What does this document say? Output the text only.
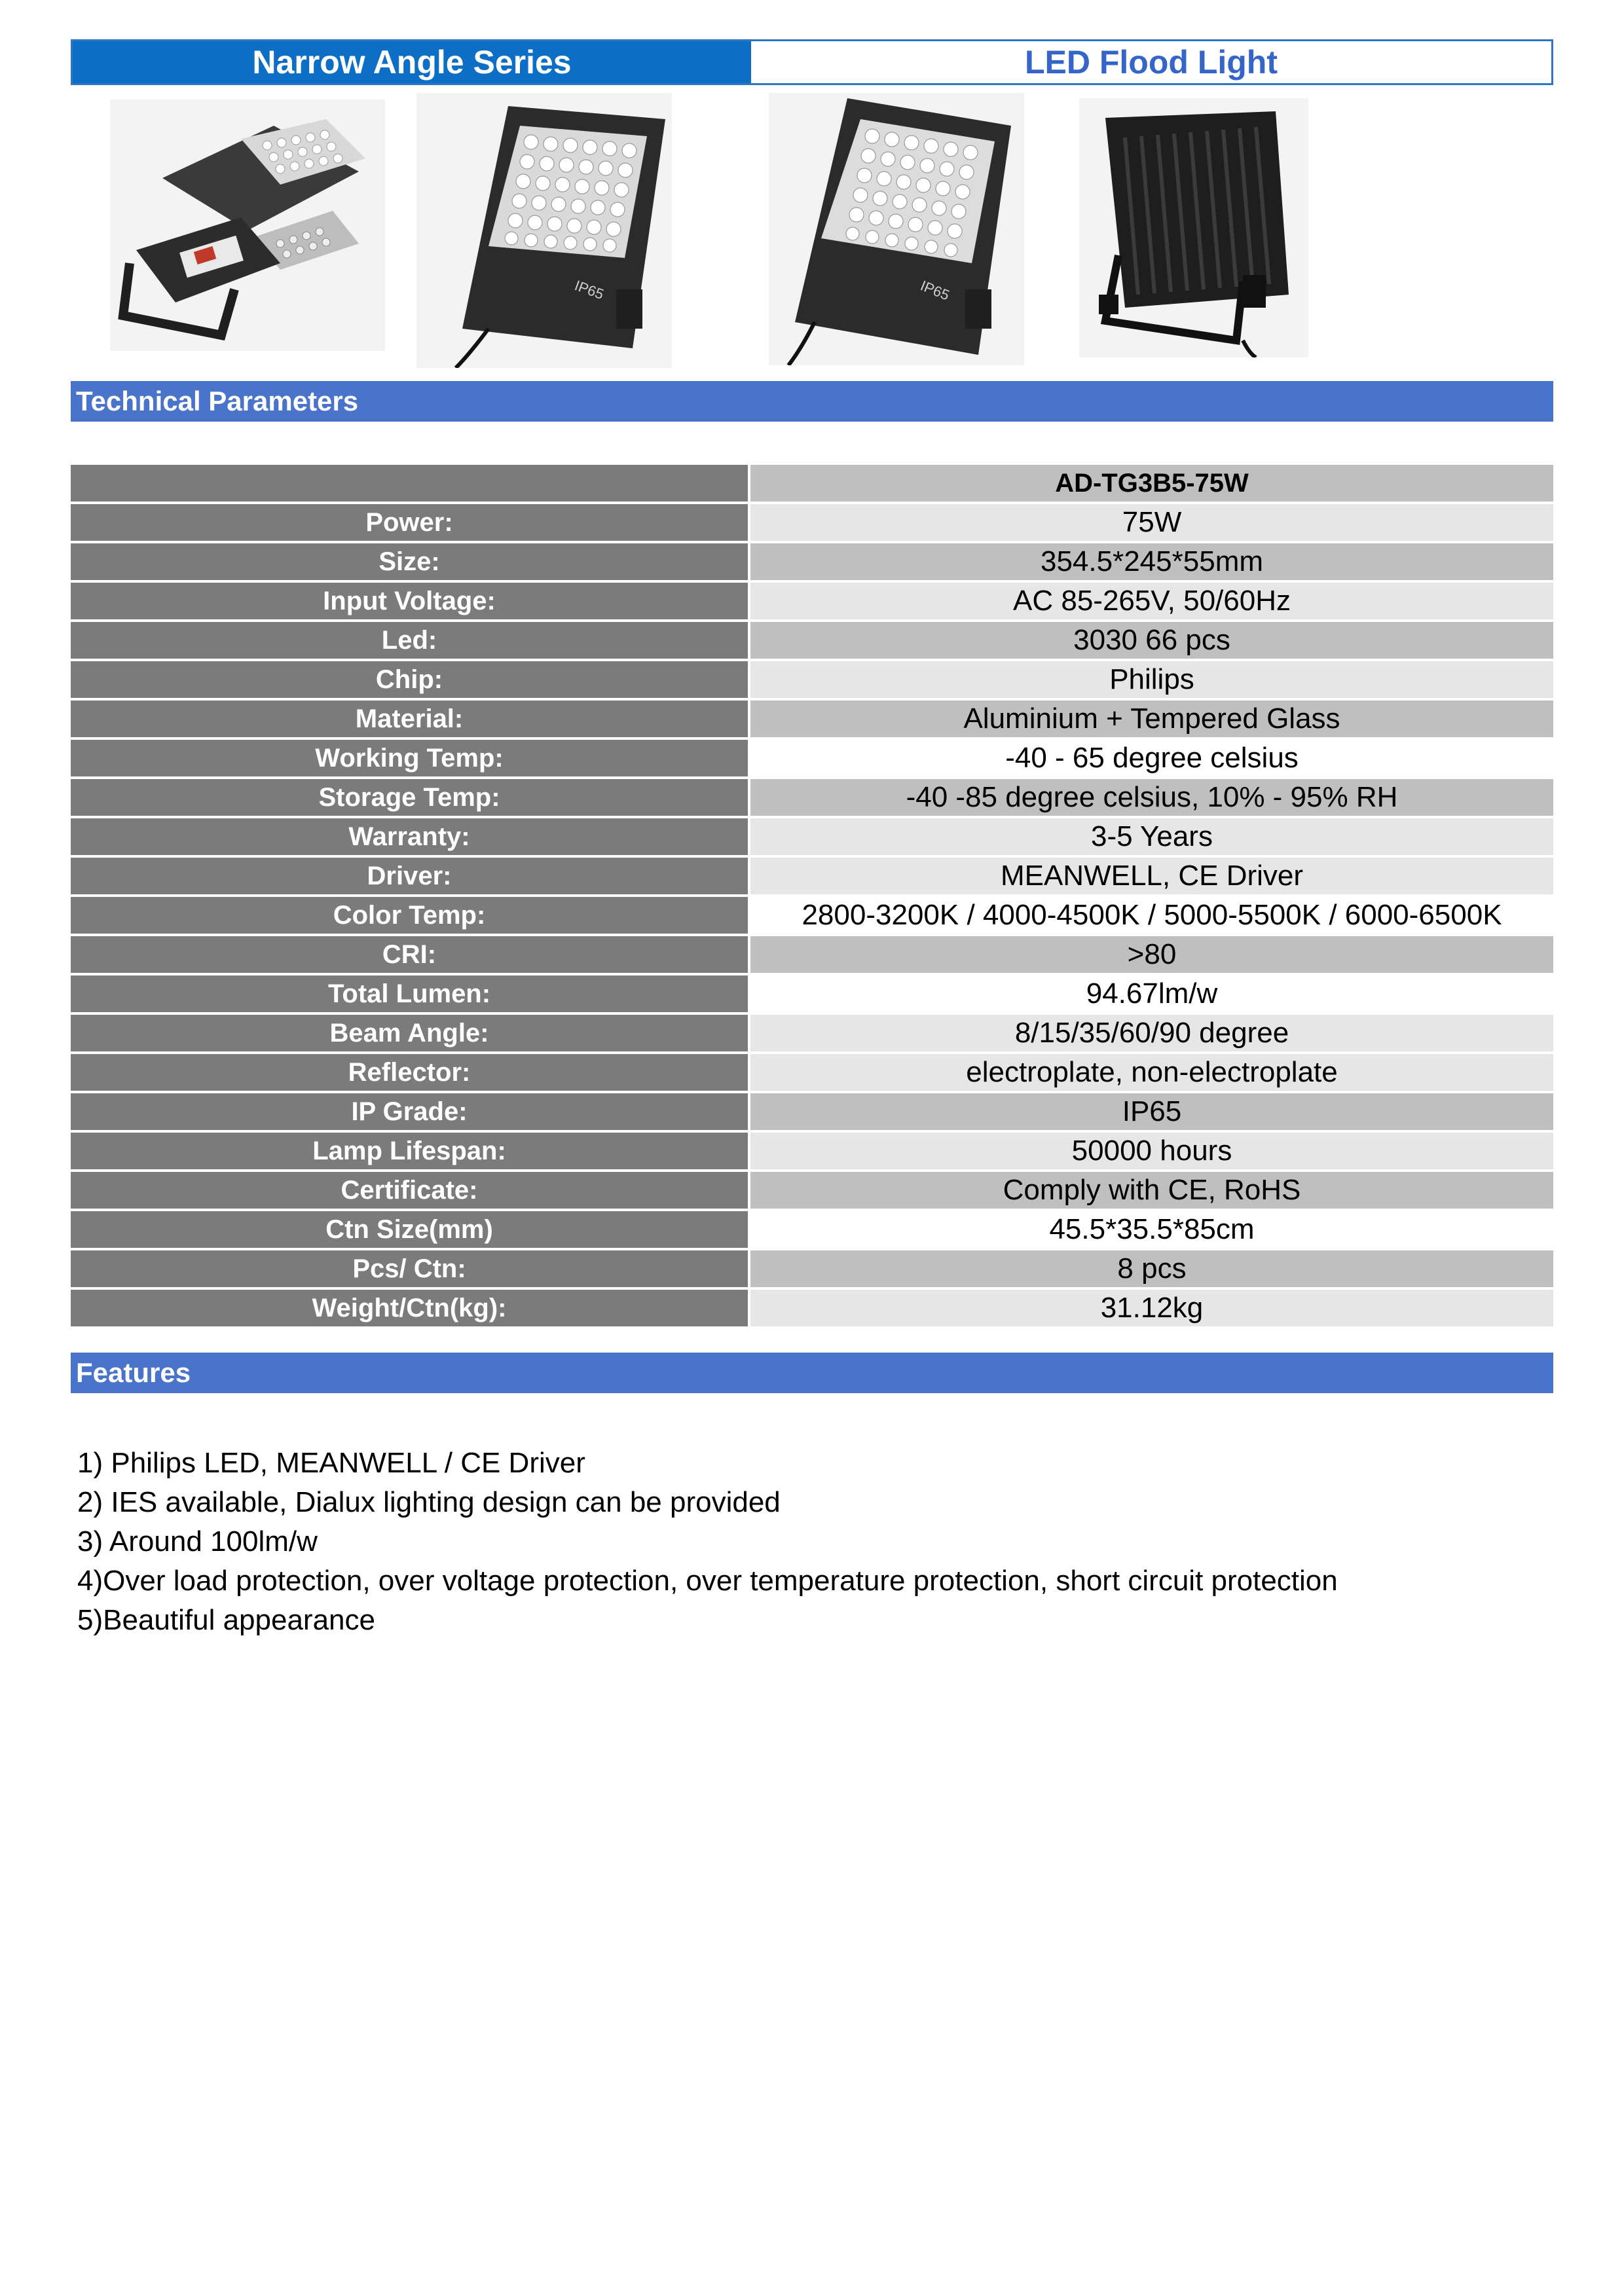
Narrow Angle Series	LED Flood Light
IP65	IP65
Technical Parameters
AD-TG3B5-75W
Power:	75W
Size:	354.5*245*55mm
Input Voltage:	AC 85-265V, 50/60Hz
Led:	3030 66 pcs
Chip:	Philips
Material:	Aluminium + Tempered Glass
Working Temp:	-40 - 65 degree celsius
Storage Temp:	-40 -85 degree celsius, 10% - 95% RH
Warranty:	3-5 Years
Driver:	MEANWELL, CE Driver
Color Temp:	2800-3200K / 4000-4500K / 5000-5500K / 6000-6500K
CRI:	>80
Total Lumen:	94.67lm/w
Beam Angle:	8/15/35/60/90 degree
Reflector:	electroplate, non-electroplate
IP Grade:	IP65
Lamp Lifespan:	50000 hours
Certificate:	Comply with CE, RoHS
Ctn Size(mm)	45.5*35.5*85cm
Pcs/ Ctn:	8 pcs
Weight/Ctn(kg):	31.12kg
Features
1) Philips LED, MEANWELL / CE Driver
2) IES available, Dialux lighting design can be provided
3) Around 100lm/w
4)Over load protection, over voltage protection, over temperature protection, short circuit protection
5)Beautiful appearance
